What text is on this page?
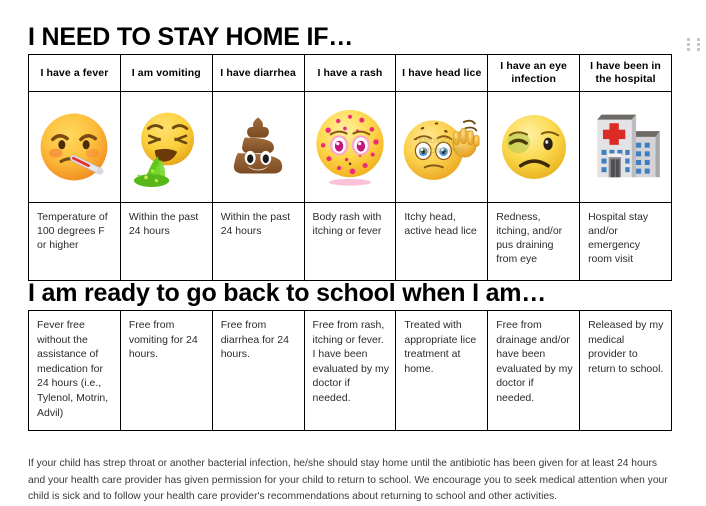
I NEED TO STAY HOME IF…
I have a fever	I am vomiting	I have diarrhea	I have a rash	I have head lice	I have an eye infection	I have been in the hospital

EMOTICONS
EMOTICONS

Temperature of 100 degrees F or higher	Within the past 24 hours	Within the past 24 hours	Body rash with itching or fever	Itchy head, active head lice	Redness, itching, and/or pus draining from eye	Hospital stay and/or emergency room visit
I am ready to go back to school when I am…
Fever free without the assistance of medication for 24 hours (i.e., Tylenol, Motrin, Advil)	Free from vomiting for 24 hours.	Free from diarrhea for 24 hours.	Free from rash, itching or fever. I have been evaluated by my doctor if needed.	Treated with appropriate lice treatment at home.	Free from drainage and/or have been evaluated by my doctor if needed.	Released by my medical provider to return to school.
If your child has strep throat or another bacterial infection, he/she should stay home until the antibiotic has been given for at least 24 hours and your health care provider has given permission for your child to return to school. We encourage you to seek medical attention when your child is sick and to follow your health care provider's recommendations about returning to school and other activities.
